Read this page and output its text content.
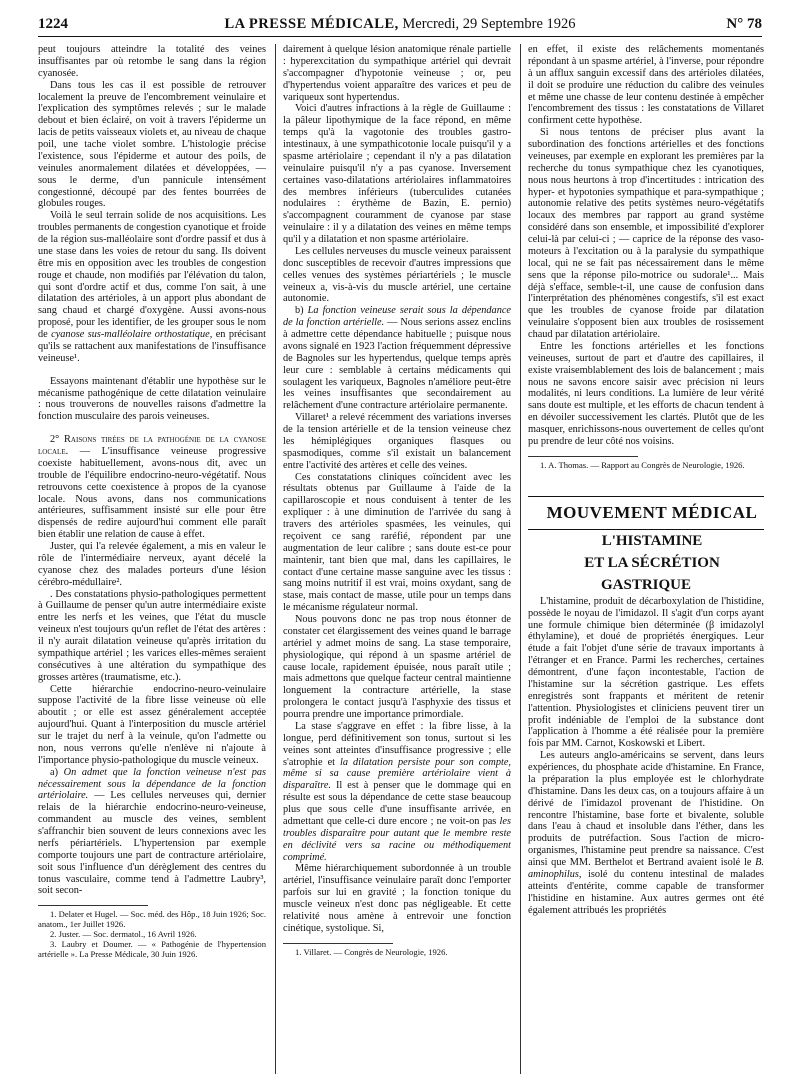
1224	LA PRESSE MÉDICALE, Mercredi, 29 Septembre 1926	N° 78

peut toujours atteindre la totalité des veines insuffisantes par où retombe le sang dans la région cyanosée.

Dans tous les cas il est possible de retrouver localement la preuve de l'encombrement veinulaire et l'explication des symptômes relevés ; sur le malade debout et bien éclairé, on voit à travers l'épiderme un lacis de petits vaisseaux violets et, au niveau de chaque poil, une tache violet sombre. L'histologie précise l'existence, sous l'épiderme et autour des poils, de veinules anormalement dilatées et développées, — sous le derme, d'un pannicule intensément congestionné, découpé par des fentes bourrées de globules rouges.

Voilà le seul terrain solide de nos acquisitions. Les troubles permanents de congestion cyanotique et froide de la région sus-malléolaire sont d'ordre passif et dus à une stase dans les voies de retour du sang. Ils doivent être mis en opposition avec les troubles de congestion rouge et chaude, non modifiés par l'élévation du talon, qui sont d'ordre actif et dus, comme l'on sait, à une dilatation des artérioles, à un apport plus abondant de sang chaud et chargé d'oxygène. Aussi avons-nous proposé, pour les identifier, de les grouper sous le nom de cyanose sus-malléolaire orthostatique, en précisant qu'ils se rattachent aux manifestations de l'insuffisance veineuse¹.

Essayons maintenant d'établir une hypothèse sur le mécanisme pathogénique de cette dilatation veinulaire : nous trouverons de nouvelles raisons d'admettre la fonction musculaire des parois veineuses.

2° Raisons tirées de la pathogénie de la cyanose locale. — L'insuffisance veineuse progressive coexiste habituellement, avons-nous dit, avec un trouble de l'équilibre endocrino-neuro-végétatif. Nous retrouvons cette coexistence à propos de la cyanose locale. Nous avons, dans nos communications antérieures, suffisamment insisté sur elle pour être dispensés de redire aujourd'hui comment elle paraît bien établir une relation de cause à effet.

Juster, qui l'a relevée également, a mis en valeur le rôle de l'intermédiaire nerveux, ayant décelé la cyanose chez des malades porteurs d'une lésion cérébro-médullaire².

. Des constatations physio-pathologiques permettent à Guillaume de penser qu'un autre intermédiaire existe entre les nerfs et les veines, que l'état du muscle veineux n'est toujours qu'un reflet de l'état des artères : il n'y aurait dilatation veineuse qu'après irritation du sympathique artériel ; les varices elles-mêmes seraient consécutives à une altération du sympathique des grosses artères (traumatisme, etc.).

Cette hiérarchie endocrino-neuro-veinulaire suppose l'activité de la fibre lisse veineuse où elle aboutit ; or elle est assez généralement acceptée aujourd'hui. Quant à l'interposition du muscle artériel sur le trajet du nerf à la veinule, qu'on l'admette ou non, nous verrons qu'elle n'enlève ni n'ajoute à l'importance physio-pathologique du muscle veineux.

a) On admet que la fonction veineuse n'est pas nécessairement sous la dépendance de la fonction artériolaire. — Les cellules nerveuses qui, dernier relais de la hiérarchie endocrino-neuro-veineuse, commandent au muscle des veines, semblent s'affranchir bien souvent de leurs connexions avec les nerfs périartériels. L'hypertension par exemple comporte toujours une part de contracture artériolaire, soit sous l'influence d'un dérèglement des centres du tonus vasculaire, comme tend à l'admettre Laubry³, soit secon-

1. Delater et Hugel. — Soc. méd. des Hôp., 18 Juin 1926; Soc. anatom., 1er Juillet 1926.

2. Juster. — Soc. dermatol., 16 Avril 1926.

3. Laubry et Doumer. — « Pathogénie de l'hypertension artérielle ». La Presse Médicale, 30 Juin 1926.

dairement à quelque lésion anatomique rénale partielle : hyperexcitation du sympathique artériel qui devrait s'accompagner d'hypotonie veineuse ; or, peu d'hypertendus voient apparaître des varices et peu de variqueux sont hypertendus.

Voici d'autres infractions à la règle de Guillaume : la pâleur lipothymique de la face répond, en même temps qu'à la vagotonie des troubles gastro-intestinaux, à une sympathicotonie locale puisqu'il y a spasme artériolaire ; cependant il n'y a pas dilatation veinulaire puisqu'il n'y a pas cyanose. Inversement certaines vaso-dilatations artériolaires inflammatoires des membres inférieurs (tuberculides cutanées nodulaires : érythème de Bazin, E. pernio) s'accompagnent couramment de cyanose par stase veinulaire : il y a dilatation des veines en même temps qu'il y a dilatation et non spasme artériolaire.

Les cellules nerveuses du muscle veineux paraissent donc susceptibles de recevoir d'autres impressions que celles venues des systèmes périartériels ; le muscle veineux a, vis-à-vis du muscle artériel, une certaine autonomie.

b) La fonction veineuse serait sous la dépendance de la fonction artérielle. — Nous serions assez enclins à admettre cette dépendance habituelle ; puisque nous avons signalé en 1923 l'action fréquemment dépressive de Bagnoles sur les hypertendus, quelque temps après leur cure : semblable à certains médicaments qui soulagent les variqueux, Bagnoles n'améliore peut-être les veines insuffisantes que secondairement au relâchement d'une contracture artériolaire permanente.

Villaret¹ a relevé récemment des variations inverses de la tension artérielle et de la tension veineuse chez les hémiplégiques organiques flasques ou spasmodiques, comme s'il existait un balancement entre l'activité des artères et celle des veines.

Ces constatations cliniques coïncident avec les résultats obtenus par Guillaume à l'aide de la capillaroscopie et nous conduisent à tenter de les expliquer : à une diminution de l'arrivée du sang à travers des artérioles spasmées, les veinules, qui reçoivent ce sang raréfié, répondent par une augmentation de leur calibre ; sans doute est-ce pour maintenir, tant bien que mal, dans les capillaires, le contact d'une certaine masse sanguine avec les tissus : sang moins nutritif il est vrai, moins oxydant, sang de stase, mais contact de masse, utile pour un temps dans le mécanisme régulateur normal.

Nous pouvons donc ne pas trop nous étonner de constater cet élargissement des veines quand le barrage artériel y admet moins de sang. La stase temporaire, physiologique, qui répond à un spasme artériel de cause locale, rapidement épuisée, nous paraît utile ; mais admettons que quelque facteur central maintienne longuement la contracture artérielle, la stase prolongera le contact jusqu'à l'asphyxie des tissus et pourra prendre une importance primordiale.

La stase s'aggrave en effet : la fibre lisse, à la longue, perd définitivement son tonus, surtout si les veines sont atteintes d'insuffisance progressive ; elle s'atrophie et la dilatation persiste pour son compte, même si sa cause première artériolaire vient à disparaître. Il est à penser que le dommage qui en résulte est sous la dépendance de cette stase beaucoup plus que sous celle d'une insuffisante arrivée, en admettant que celle-ci dure encore ; ne voit-on pas les troubles disparaître pour autant que le membre reste en déclivité vers sa racine ou méthodiquement comprimé.

Même hiérarchiquement subordonnée à un trouble artériel, l'insuffisance veinulaire paraît donc l'emporter parfois sur lui en gravité ; la fonction tonique du muscle veineux n'est donc pas négligeable. Et cette relativité nous amène à entrevoir une fonction cinétique, systolique. Si,

1. Villaret. — Congrès de Neurologie, 1926.

en effet, il existe des relâchements momentanés répondant à un spasme artériel, à l'inverse, pour répondre à un afflux sanguin excessif dans des artérioles dilatées, il doit se produire une réduction du calibre des veinules et même une chasse de leur contenu destinée à empêcher l'encombrement des tissus : les constatations de Villaret confirment cette hypothèse.

Si nous tentons de préciser plus avant la subordination des fonctions artérielles et des fonctions veineuses, par exemple en explorant les premières par la recherche du tonus sympathique chez les cyanotiques, nous nous heurtons à trop d'incertitudes : intrication des hyper- et hypotonies sympathique et para-sympathique ; autonomie relative des petits systèmes neuro-végétatifs locaux des membres par rapport au grand système considéré dans son ensemble, et impossibilité d'explorer celui-là par celui-ci ; — caprice de la réponse des vaso-moteurs à l'excitation ou à la paralysie du sympathique local, qui ne se fait pas nécessairement dans le même sens que la réponse pilo-motrice ou sudorale¹... Mais déjà s'efface, semble-t-il, une cause de confusion dans l'interprétation des phénomènes congestifs, s'il est exact que les troubles de cyanose froide par dilatation veinulaire s'opposent bien aux troubles de rosissement chaud par dilatation artériolaire.

Entre les fonctions artérielles et les fonctions veineuses, surtout de part et d'autre des capillaires, il existe vraisemblablement des lois de balancement ; mais nous ne savons encore saisir avec précision ni leurs modalités, ni leurs conditions. La lumière de leur vérité sans doute est multiple, et les efforts de chacun tendent à en dévoiler successivement les clartés. Plutôt que de les masquer, enrichissons-nous ouvertement de celles qu'ont pu prendre de leur côté nos voisins.

1. A. Thomas. — Rapport au Congrès de Neurologie, 1926.

MOUVEMENT MÉDICAL

L'HISTAMINE
ET LA SÉCRÉTION GASTRIQUE

L'histamine, produit de décarboxylation de l'histidine, possède le noyau de l'imidazol. Il s'agit d'un corps ayant une formule chimique bien déterminée (β imidazolyl éthylamine), et doué de propriétés énergiques. Leur étude a fait l'objet d'une série de travaux importants à l'étranger et en France. Parmi les recherches, certaines démontrent, d'une façon incontestable, l'action de l'histamine sur la sécrétion gastrique. Les effets enregistrés sont frappants et méritent de retenir l'attention. Physiologistes et cliniciens peuvent tirer un profit indéniable de l'emploi de la substance dont l'application à l'homme a été réalisée pour la première fois par MM. Carnot, Koskowski et Libert.

Les auteurs anglo-américains se servent, dans leurs expériences, du phosphate acide d'histamine. En France, la préparation la plus employée est le chlorhydrate d'histamine. Dans les deux cas, on a toujours affaire à un dérivé de l'imidazol provenant de l'histidine. On rencontre l'histamine, base forte et bivalente, soluble dans l'eau à chaud et insoluble dans l'éther, dans les produits de putréfaction. Sous l'action de micro-organismes, l'histamine peut prendre sa naissance. C'est ainsi que MM. Berthelot et Bertrand avaient isolé le B. aminophilus, isolé du contenu intestinal de malades atteints d'entérite, comme capable de transformer l'histidine en histamine. Aux autres germes ont été également attribués les propriétés
